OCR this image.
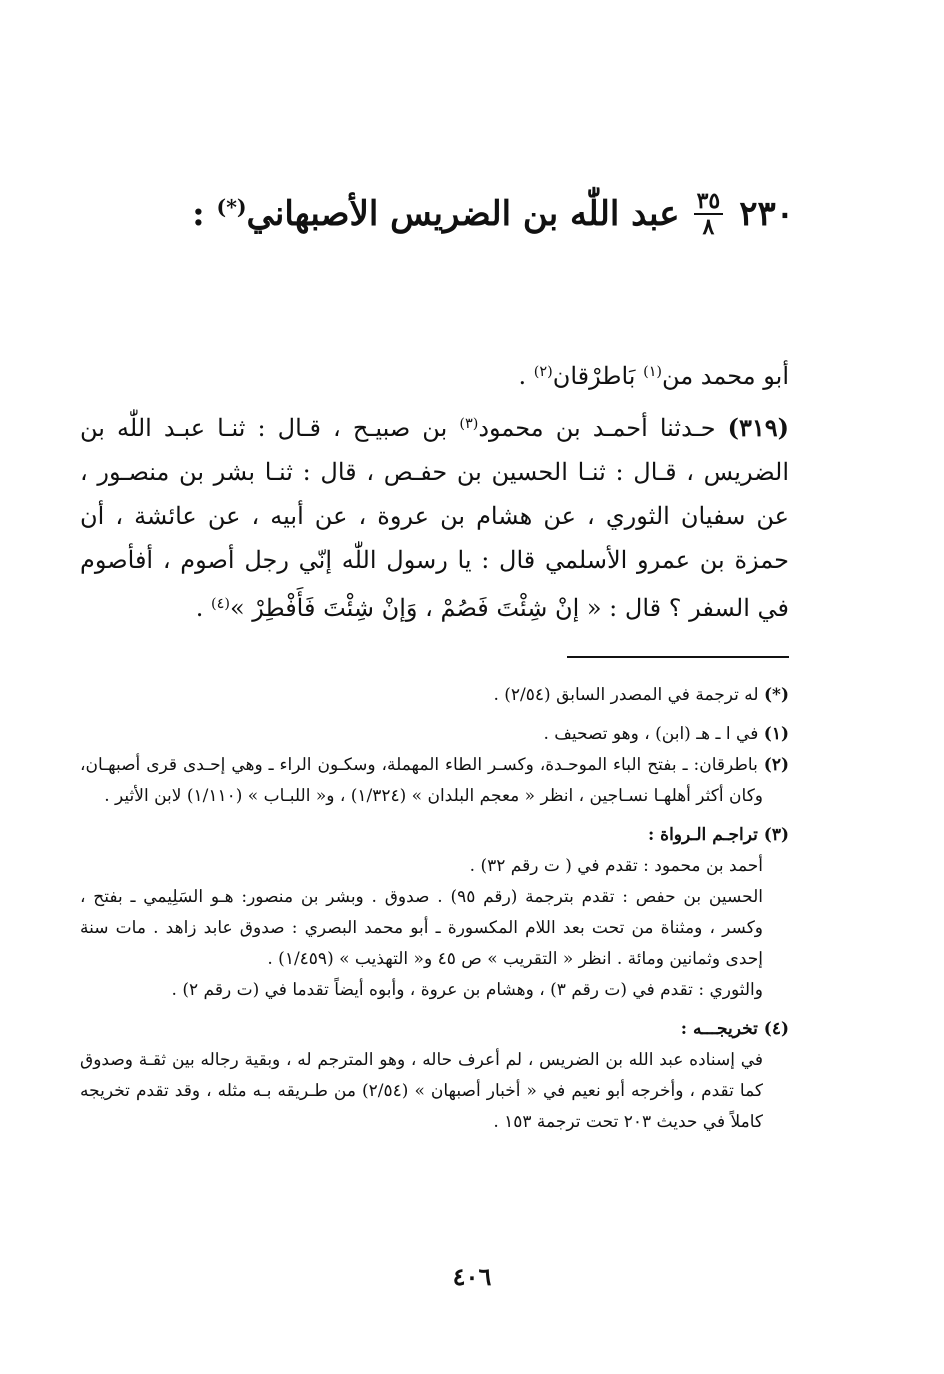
٢٣٠
$\frac{٣٥}{٨}$
عبد اللّٰه بن الضريس الأصبهاني(*) :

أبو محمد من$^{(١)}$ بَاطرْقان$^{(٢)}$ .

(٣١٩) حـدثنا أحمـد بن محمود$^{(٣)}$ بن صبيـح ، قـال : ثنـا عبـد اللّٰه بن الضريس ، قـال : ثنـا الحسين بن حفـص ، قال : ثنـا بشر بن منصـور ، عن سفيان الثوري ، عن هشام بن عروة ، عن أبيه ، عن عائشة ، أن حمزة بن عمرو الأسلمي قال : يا رسول اللّٰه إنّي رجل أصوم ، أفأصوم في السفر ؟ قال : « إنْ شِئْتَ فَصُمْ ، وَإنْ شِئْتَ فَأَفْطِرْ »$^{(٤)}$ .

(*) له ترجمة في المصدر السابق (٢/٥٤) .

(١) في ا ـ هـ (ابن) ، وهو تصحيف .

(٢) باطرقان: ـ بفتح الباء الموحـدة، وكسـر الطاء المهملة، وسكـون الراء ـ وهي إحـدى قرى أصبهـان، وكان أكثر أهلهـا نسـاجين ، انظر « معجم البلدان » (١/٣٢٤) ، و« اللبـاب » (١/١١٠) لابن الأثير .

(٣) تراجـم الـرواة :

أحمد بن محمود : تقدم في ( ت رقم ٣٢) .

الحسين بن حفص : تقدم بترجمة (رقم ٩٥) . صدوق . وبشر بن منصور: هـو السَلِيمي ـ بفتح ، وكسر ، ومثناة من تحت بعد اللام المكسورة ـ أبو محمد البصري : صدوق عابد زاهد . مات سنة إحدى وثمانين ومائة . انظر « التقريب » ص ٤٥ و« التهذيب » (١/٤٥٩) .

والثوري : تقدم في (ت رقم ٣) ، وهشام بن عروة ، وأبوه أيضاً تقدما في (ت رقم ٢) .

(٤) تخريجـــه :

في إسناده عبد الله بن الضريس ، لم أعرف حاله ، وهو المترجم له ، وبقية رجاله بين ثقـة وصدوق كما تقدم ، وأخرجه أبو نعيم في « أخبار أصبهان » (٢/٥٤) من طـريقه بـه مثله ، وقد تقدم تخريجه كاملاً في حديث ٢٠٣ تحت ترجمة ١٥٣ .

٤٠٦
